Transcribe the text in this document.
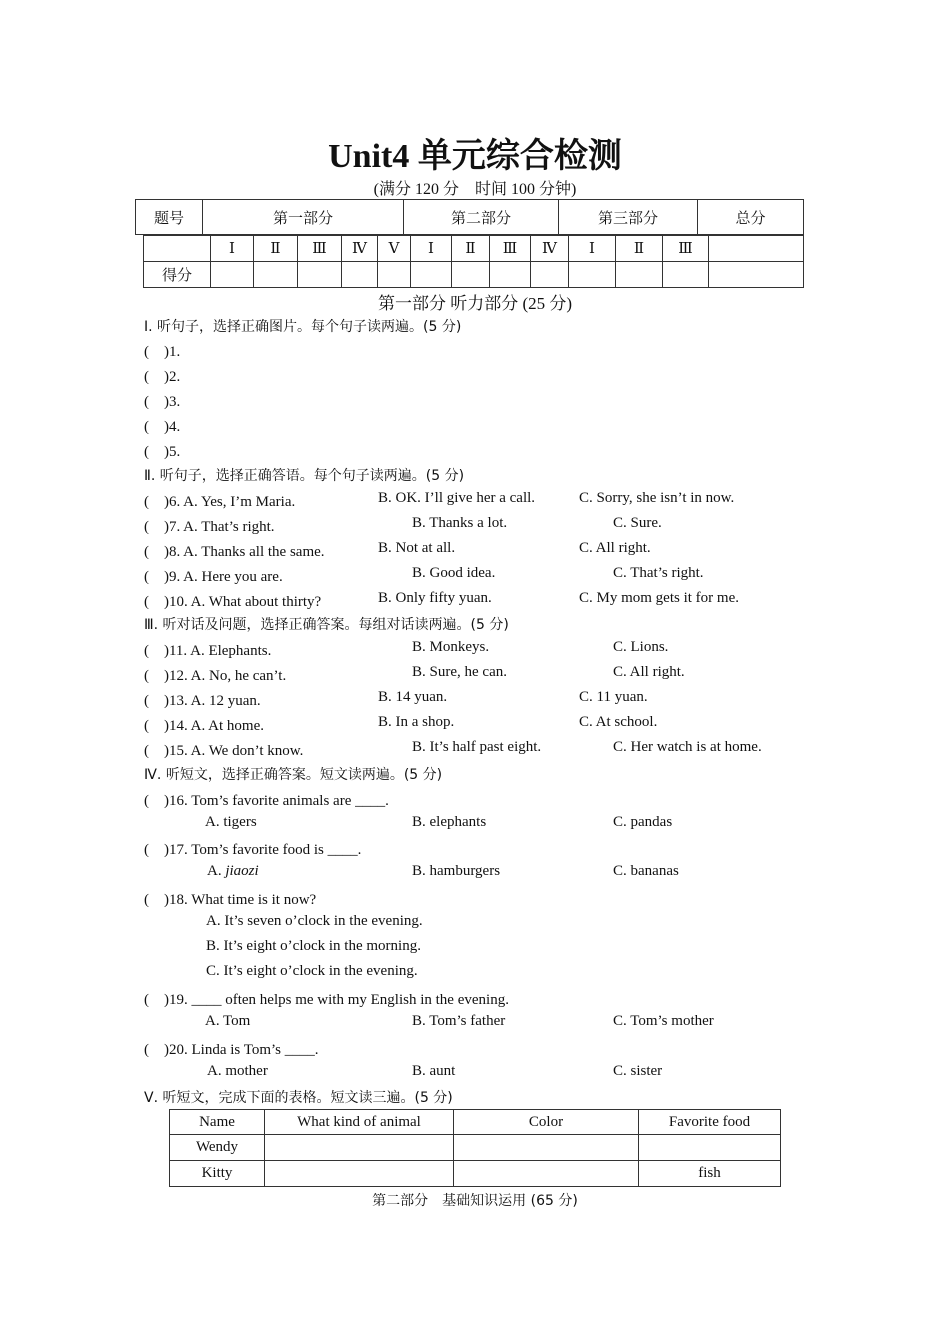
Unit4 单元综合检测
(满分 120 分　时间 100 分钟)
题号	第一部分	第二部分	第三部分	总分
	Ⅰ	Ⅱ	Ⅲ	Ⅳ	Ⅴ	Ⅰ	Ⅱ	Ⅲ	Ⅳ	Ⅰ	Ⅱ	Ⅲ	
得分													
第一部分 听力部分 (25 分)
Ⅰ. 听句子，选择正确图片。每个句子读两遍。(5 分)
(　)1.
(　)2.
(　)3.
(　)4.
(　)5.
Ⅱ. 听句子，选择正确答语。每个句子读两遍。(5 分)
(　)6. A. Yes, I’m Maria.	B. OK. I’ll give her a call.	C. Sorry, she isn’t in now.
(　)7. A. That’s right.	B. Thanks a lot.	C. Sure.
(　)8. A. Thanks all the same.	B. Not at all.	C. All right.
(　)9. A. Here you are.	B. Good idea.	C. That’s right.
(　)10. A. What about thirty?	B. Only fifty yuan.	C. My mom gets it for me.
Ⅲ. 听对话及问题，选择正确答案。每组对话读两遍。(5 分)
(　)11. A. Elephants.	B. Monkeys.	C. Lions.
(　)12. A. No, he can’t.	B. Sure, he can.	C. All right.
(　)13. A. 12 yuan.	B. 14 yuan.	C. 11 yuan.
(　)14. A. At home.	B. In a shop.	C. At school.
(　)15. A. We don’t know.	B. It’s half past eight.	C. Her watch is at home.
Ⅳ. 听短文，选择正确答案。短文读两遍。(5 分)
(　)16. Tom’s favorite animals are ____.
A. tigers	B. elephants	C. pandas
(　)17. Tom’s favorite food is ____.
A. jiaozi	B. hamburgers	C. bananas
(　)18. What time is it now?
A. It’s seven o’clock in the evening.
B. It’s eight o’clock in the morning.
C. It’s eight o’clock in the evening.
(　)19. ____ often helps me with my English in the evening.
A. Tom	B. Tom’s father	C. Tom’s mother
(　)20. Linda is Tom’s ____.
A. mother	B. aunt	C. sister
Ⅴ. 听短文，完成下面的表格。短文读三遍。(5 分)
Name	What kind of animal	Color	Favorite food
Wendy			
Kitty			fish
第二部分　基础知识运用 (65 分)
